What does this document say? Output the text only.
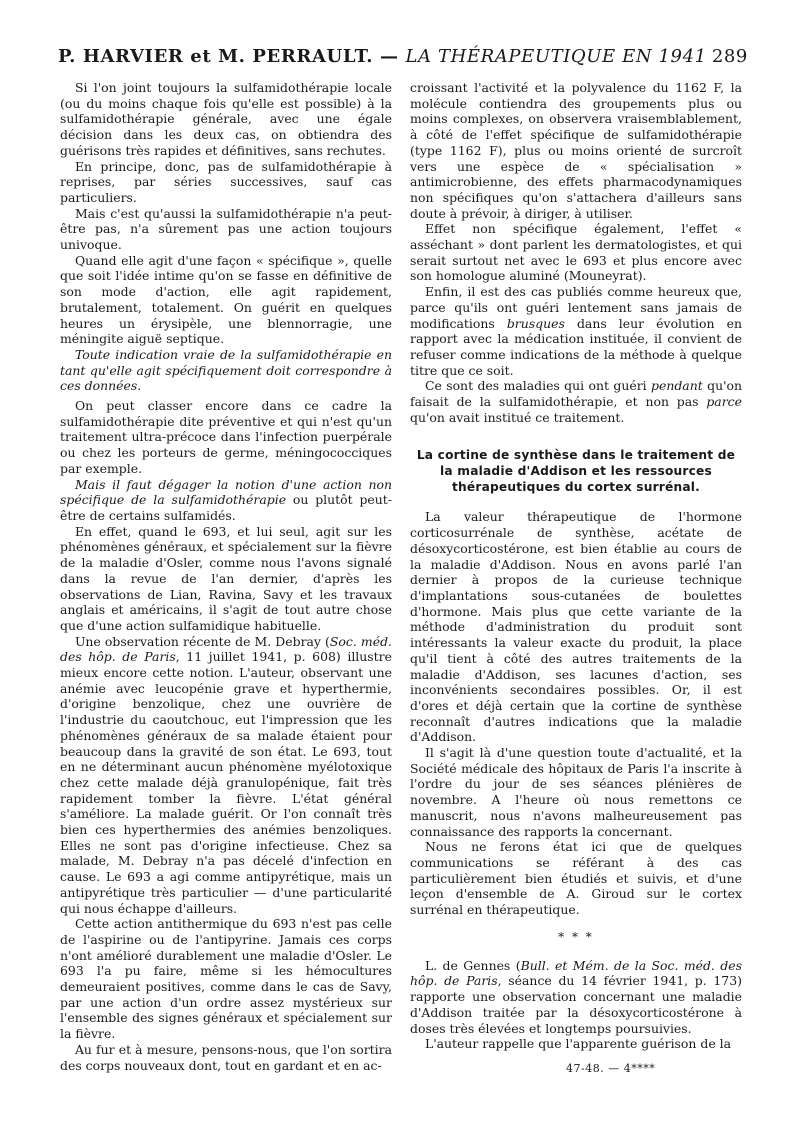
P. HARVIER et M. PERRAULT. — LA THÉRAPEUTIQUE EN 1941 289

Si l'on joint toujours la sulfamidothérapie locale (ou du moins chaque fois qu'elle est possible) à la sulfamidothérapie générale, avec une égale décision dans les deux cas, on obtiendra des guérisons très rapides et définitives, sans rechutes.

En principe, donc, pas de sulfamidothérapie à reprises, par séries successives, sauf cas particuliers.

Mais c'est qu'aussi la sulfamidothérapie n'a peut-être pas, n'a sûrement pas une action toujours univoque.

Quand elle agit d'une façon « spécifique », quelle que soit l'idée intime qu'on se fasse en définitive de son mode d'action, elle agit rapidement, brutalement, totalement. On guérit en quelques heures un érysipèle, une blennorragie, une méningite aiguë septique.

Toute indication vraie de la sulfamidothérapie en tant qu'elle agit spécifiquement doit correspondre à ces données.

On peut classer encore dans ce cadre la sulfamidothérapie dite préventive et qui n'est qu'un traitement ultra-précoce dans l'infection puerpérale ou chez les porteurs de germe, méningococciques par exemple.

Mais il faut dégager la notion d'une action non spécifique de la sulfamidothérapie ou plutôt peut-être de certains sulfamidés.

En effet, quand le 693, et lui seul, agit sur les phénomènes généraux, et spécialement sur la fièvre de la maladie d'Osler, comme nous l'avons signalé dans la revue de l'an dernier, d'après les observations de Lian, Ravina, Savy et les travaux anglais et américains, il s'agit de tout autre chose que d'une action sulfamidique habituelle.

Une observation récente de M. Debray (Soc. méd. des hôp. de Paris, 11 juillet 1941, p. 608) illustre mieux encore cette notion. L'auteur, observant une anémie avec leucopénie grave et hyperthermie, d'origine benzolique, chez une ouvrière de l'industrie du caoutchouc, eut l'impression que les phénomènes généraux de sa malade étaient pour beaucoup dans la gravité de son état. Le 693, tout en ne déterminant aucun phénomène myélotoxique chez cette malade déjà granulopénique, fait très rapidement tomber la fièvre. L'état général s'améliore. La malade guérit. Or l'on connaît très bien ces hyperthermies des anémies benzoliques. Elles ne sont pas d'origine infectieuse. Chez sa malade, M. Debray n'a pas décelé d'infection en cause. Le 693 a agi comme antipyrétique, mais un antipyrétique très particulier — d'une particularité qui nous échappe d'ailleurs.

Cette action antithermique du 693 n'est pas celle de l'aspirine ou de l'antipyrine. Jamais ces corps n'ont amélioré durablement une maladie d'Osler. Le 693 l'a pu faire, même si les hémocultures demeuraient positives, comme dans le cas de Savy, par une action d'un ordre assez mystérieux sur l'ensemble des signes généraux et spécialement sur la fièvre.

Au fur et à mesure, pensons-nous, que l'on sortira des corps nouveaux dont, tout en gardant et en ac-

croissant l'activité et la polyvalence du 1162 F, la molécule contiendra des groupements plus ou moins complexes, on observera vraisemblablement, à côté de l'effet spécifique de sulfamidothérapie (type 1162 F), plus ou moins orienté de surcroît vers une espèce de « spécialisation » antimicrobienne, des effets pharmacodynamiques non spécifiques qu'on s'attachera d'ailleurs sans doute à prévoir, à diriger, à utiliser.

Effet non spécifique également, l'effet « asséchant » dont parlent les dermatologistes, et qui serait surtout net avec le 693 et plus encore avec son homologue aluminé (Mouneyrat).

Enfin, il est des cas publiés comme heureux que, parce qu'ils ont guéri lentement sans jamais de modifications brusques dans leur évolution en rapport avec la médication instituée, il convient de refuser comme indications de la méthode à quelque titre que ce soit.

Ce sont des maladies qui ont guéri pendant qu'on faisait de la sulfamidothérapie, et non pas parce qu'on avait institué ce traitement.

La cortine de synthèse dans le traitement de la maladie d'Addison et les ressources thérapeutiques du cortex surrénal.

La valeur thérapeutique de l'hormone corticosurrénale de synthèse, acétate de désoxycorticostérone, est bien établie au cours de la maladie d'Addison. Nous en avons parlé l'an dernier à propos de la curieuse technique d'implantations sous-cutanées de boulettes d'hormone. Mais plus que cette variante de la méthode d'administration du produit sont intéressants la valeur exacte du produit, la place qu'il tient à côté des autres traitements de la maladie d'Addison, ses lacunes d'action, ses inconvénients secondaires possibles. Or, il est d'ores et déjà certain que la cortine de synthèse reconnaît d'autres indications que la maladie d'Addison.

Il s'agit là d'une question toute d'actualité, et la Société médicale des hôpitaux de Paris l'a inscrite à l'ordre du jour de ses séances plénières de novembre. A l'heure où nous remettons ce manuscrit, nous n'avons malheureusement pas connaissance des rapports la concernant.

Nous ne ferons état ici que de quelques communications se référant à des cas particulièrement bien étudiés et suivis, et d'une leçon d'ensemble de A. Giroud sur le cortex surrénal en thérapeutique.

* * *

L. de Gennes (Bull. et Mém. de la Soc. méd. des hôp. de Paris, séance du 14 février 1941, p. 173) rapporte une observation concernant une maladie d'Addison traitée par la désoxycorticostérone à doses très élevées et longtemps poursuivies.

L'auteur rappelle que l'apparente guérison de la

47-48. — 4****
